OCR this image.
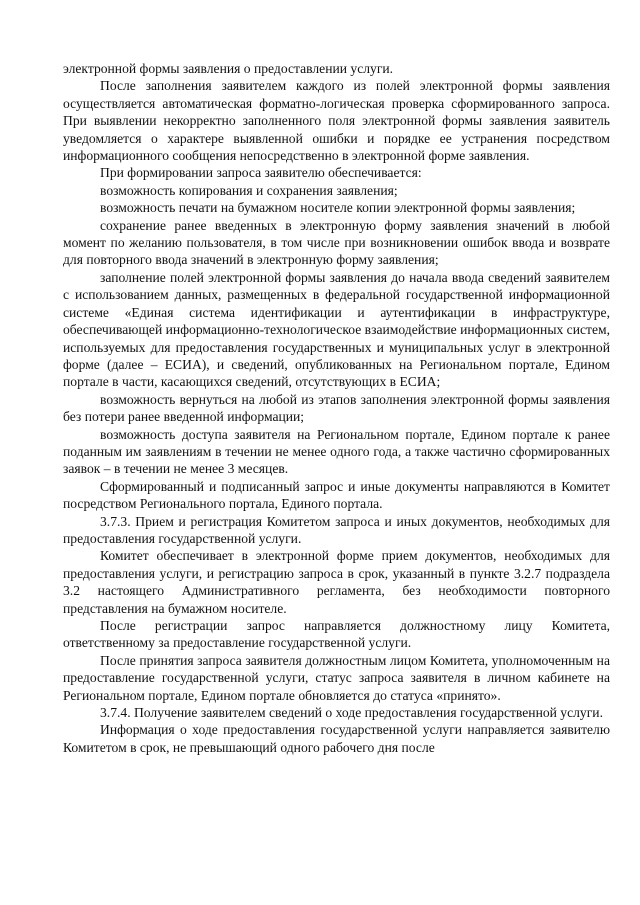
электронной формы заявления о предоставлении услуги.

После заполнения заявителем каждого из полей электронной формы заявления осуществляется автоматическая форматно-логическая проверка сформированного запроса. При выявлении некорректно заполненного поля электронной формы заявления заявитель уведомляется о характере выявленной ошибки и порядке ее устранения посредством информационного сообщения непосредственно в электронной форме заявления.

При формировании запроса заявителю обеспечивается:

возможность копирования и сохранения заявления;

возможность печати на бумажном носителе копии электронной формы заявления;

сохранение ранее введенных в электронную форму заявления значений в любой момент по желанию пользователя, в том числе при возникновении ошибок ввода и возврате для повторного ввода значений в электронную форму заявления;

заполнение полей электронной формы заявления до начала ввода сведений заявителем с использованием данных, размещенных в федеральной государственной информационной системе «Единая система идентификации и аутентификации в инфраструктуре, обеспечивающей информационно-технологическое взаимодействие информационных систем, используемых для предоставления государственных и муниципальных услуг в электронной форме (далее – ЕСИА), и сведений, опубликованных на Региональном портале, Едином портале в части, касающихся сведений, отсутствующих в ЕСИА;

возможность вернуться на любой из этапов заполнения электронной формы заявления без потери ранее введенной информации;

возможность доступа заявителя на Региональном портале, Едином портале к ранее поданным им заявлениям в течении не менее одного года, а также частично сформированных заявок – в течении не менее 3 месяцев.

Сформированный и подписанный запрос и иные документы направляются в Комитет посредством Регионального портала, Единого портала.

3.7.3. Прием и регистрация Комитетом запроса и иных документов, необходимых для предоставления государственной услуги.

Комитет обеспечивает в электронной форме прием документов, необходимых для предоставления услуги, и регистрацию запроса в срок, указанный в пункте 3.2.7 подраздела 3.2 настоящего Административного регламента, без необходимости повторного представления на бумажном носителе.

После регистрации запрос направляется должностному лицу Комитета, ответственному за предоставление государственной услуги.

После принятия запроса заявителя должностным лицом Комитета, уполномоченным на предоставление государственной услуги, статус запроса заявителя в личном кабинете на Региональном портале, Едином портале обновляется до статуса «принято».

3.7.4. Получение заявителем сведений о ходе предоставления государственной услуги.

Информация о ходе предоставления государственной услуги направляется заявителю Комитетом в срок, не превышающий одного рабочего дня после
